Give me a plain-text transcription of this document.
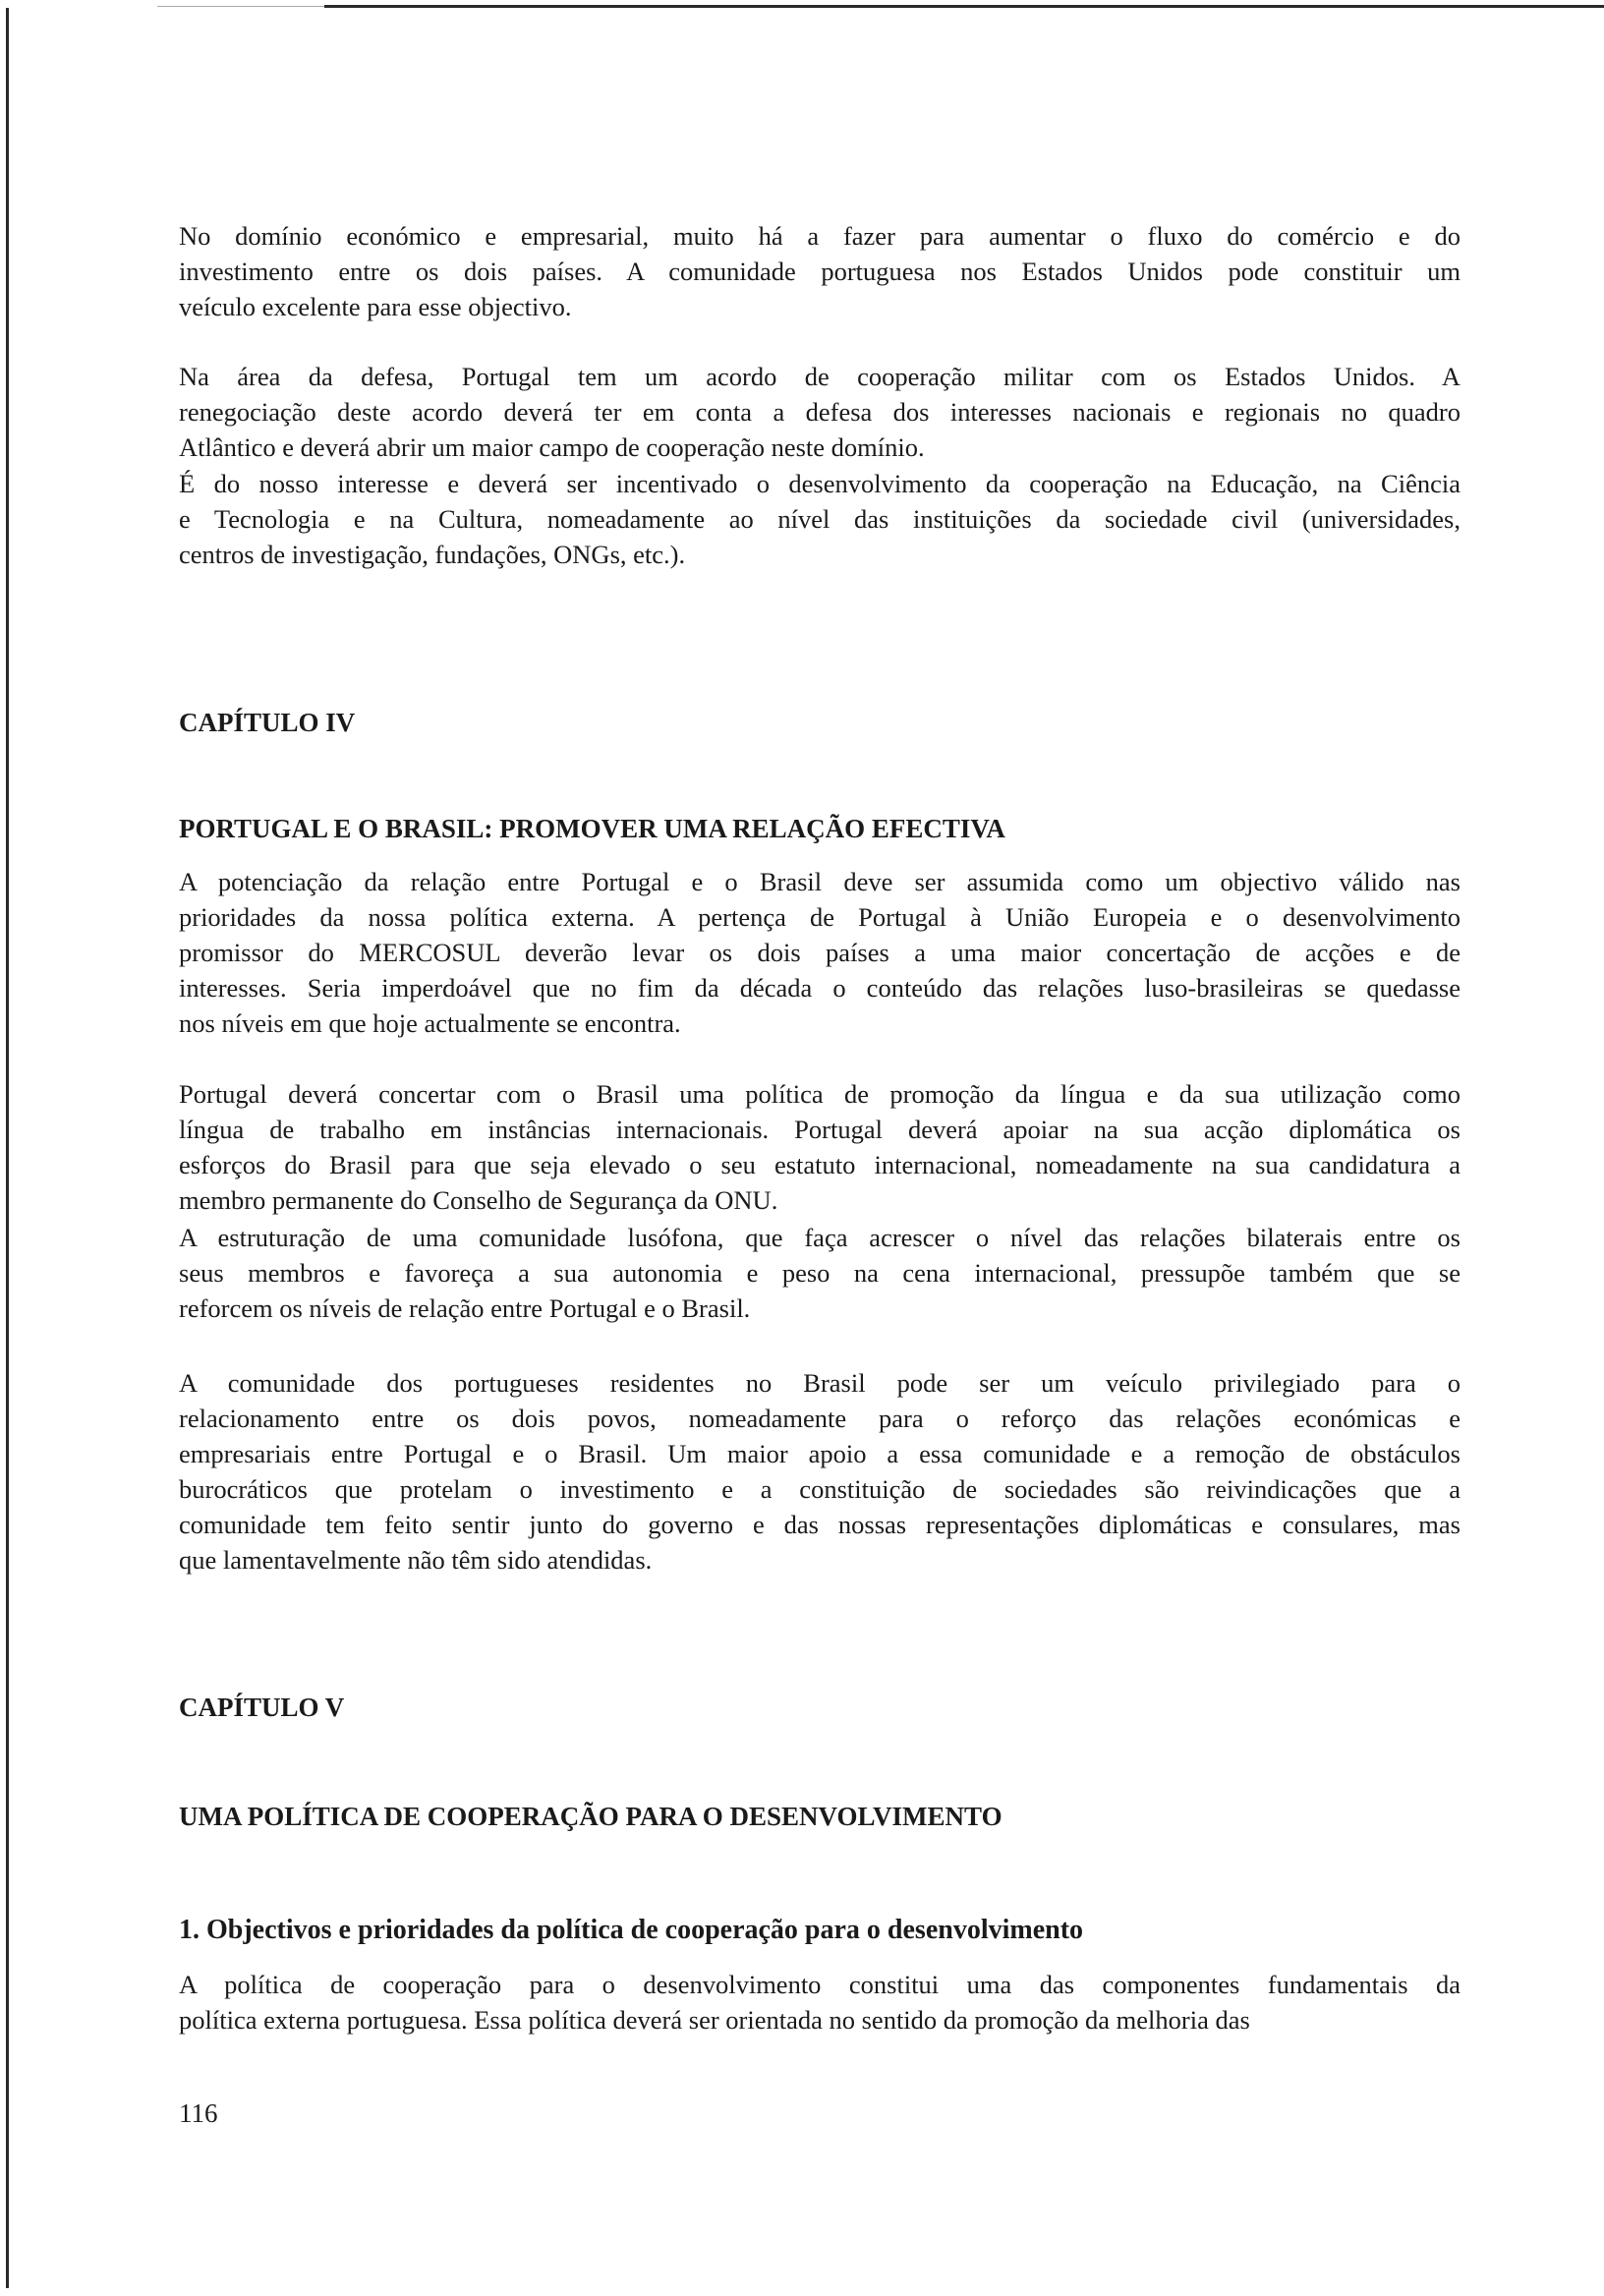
No domínio económico e empresarial, muito há a fazer para aumentar o fluxo do comércio e do
investimento entre os dois países. A comunidade portuguesa nos Estados Unidos pode constituir um
veículo excelente para esse objectivo.
Na área da defesa, Portugal tem um acordo de cooperação militar com os Estados Unidos. A
renegociação deste acordo deverá ter em conta a defesa dos interesses nacionais e regionais no quadro
Atlântico e deverá abrir um maior campo de cooperação neste domínio.
É do nosso interesse e deverá ser incentivado o desenvolvimento da cooperação na Educação, na Ciência
e Tecnologia e na Cultura, nomeadamente ao nível das instituições da sociedade civil (universidades,
centros de investigação, fundações, ONGs, etc.).
CAPÍTULO IV
PORTUGAL E O BRASIL: PROMOVER UMA RELAÇÃO EFECTIVA
A potenciação da relação entre Portugal e o Brasil deve ser assumida como um objectivo válido nas
prioridades da nossa política externa. A pertença de Portugal à União Europeia e o desenvolvimento
promissor do MERCOSUL deverão levar os dois países a uma maior concertação de acções e de
interesses. Seria imperdoável que no fim da década o conteúdo das relações luso-brasileiras se quedasse
nos níveis em que hoje actualmente se encontra.
Portugal deverá concertar com o Brasil uma política de promoção da língua e da sua utilização como
língua de trabalho em instâncias internacionais. Portugal deverá apoiar na sua acção diplomática os
esforços do Brasil para que seja elevado o seu estatuto internacional, nomeadamente na sua candidatura a
membro permanente do Conselho de Segurança da ONU.
A estruturação de uma comunidade lusófona, que faça acrescer o nível das relações bilaterais entre os
seus membros e favoreça a sua autonomia e peso na cena internacional, pressupõe também que se
reforcem os níveis de relação entre Portugal e o Brasil.
A comunidade dos portugueses residentes no Brasil pode ser um veículo privilegiado para o
relacionamento entre os dois povos, nomeadamente para o reforço das relações económicas e
empresariais entre Portugal e o Brasil. Um maior apoio a essa comunidade e a remoção de obstáculos
burocráticos que protelam o investimento e a constituição de sociedades são reivindicações que a
comunidade tem feito sentir junto do governo e das nossas representações diplomáticas e consulares, mas
que lamentavelmente não têm sido atendidas.
CAPÍTULO V
UMA POLÍTICA DE COOPERAÇÃO PARA O DESENVOLVIMENTO
1. Objectivos e prioridades da política de cooperação para o desenvolvimento
A política de cooperação para o desenvolvimento constitui uma das componentes fundamentais da
política externa portuguesa. Essa política deverá ser orientada no sentido da promoção da melhoria das
116
